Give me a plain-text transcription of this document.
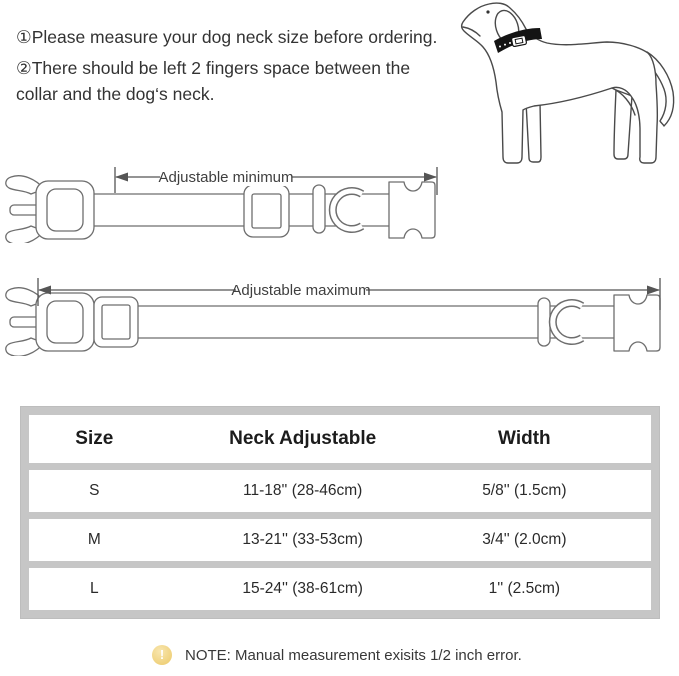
①Please measure your dog neck size before ordering.
②There should be left 2 fingers space between the collar and the dog‘s neck.
Adjustable minimum
Adjustable maximum
Size	Neck Adjustable	Width
S	11-18'' (28-46cm)	5/8'' (1.5cm)
M	13-21'' (33-53cm)	3/4'' (2.0cm)
L	15-24'' (38-61cm)	1'' (2.5cm)
!	NOTE: Manual measurement exisits 1/2 inch error.
